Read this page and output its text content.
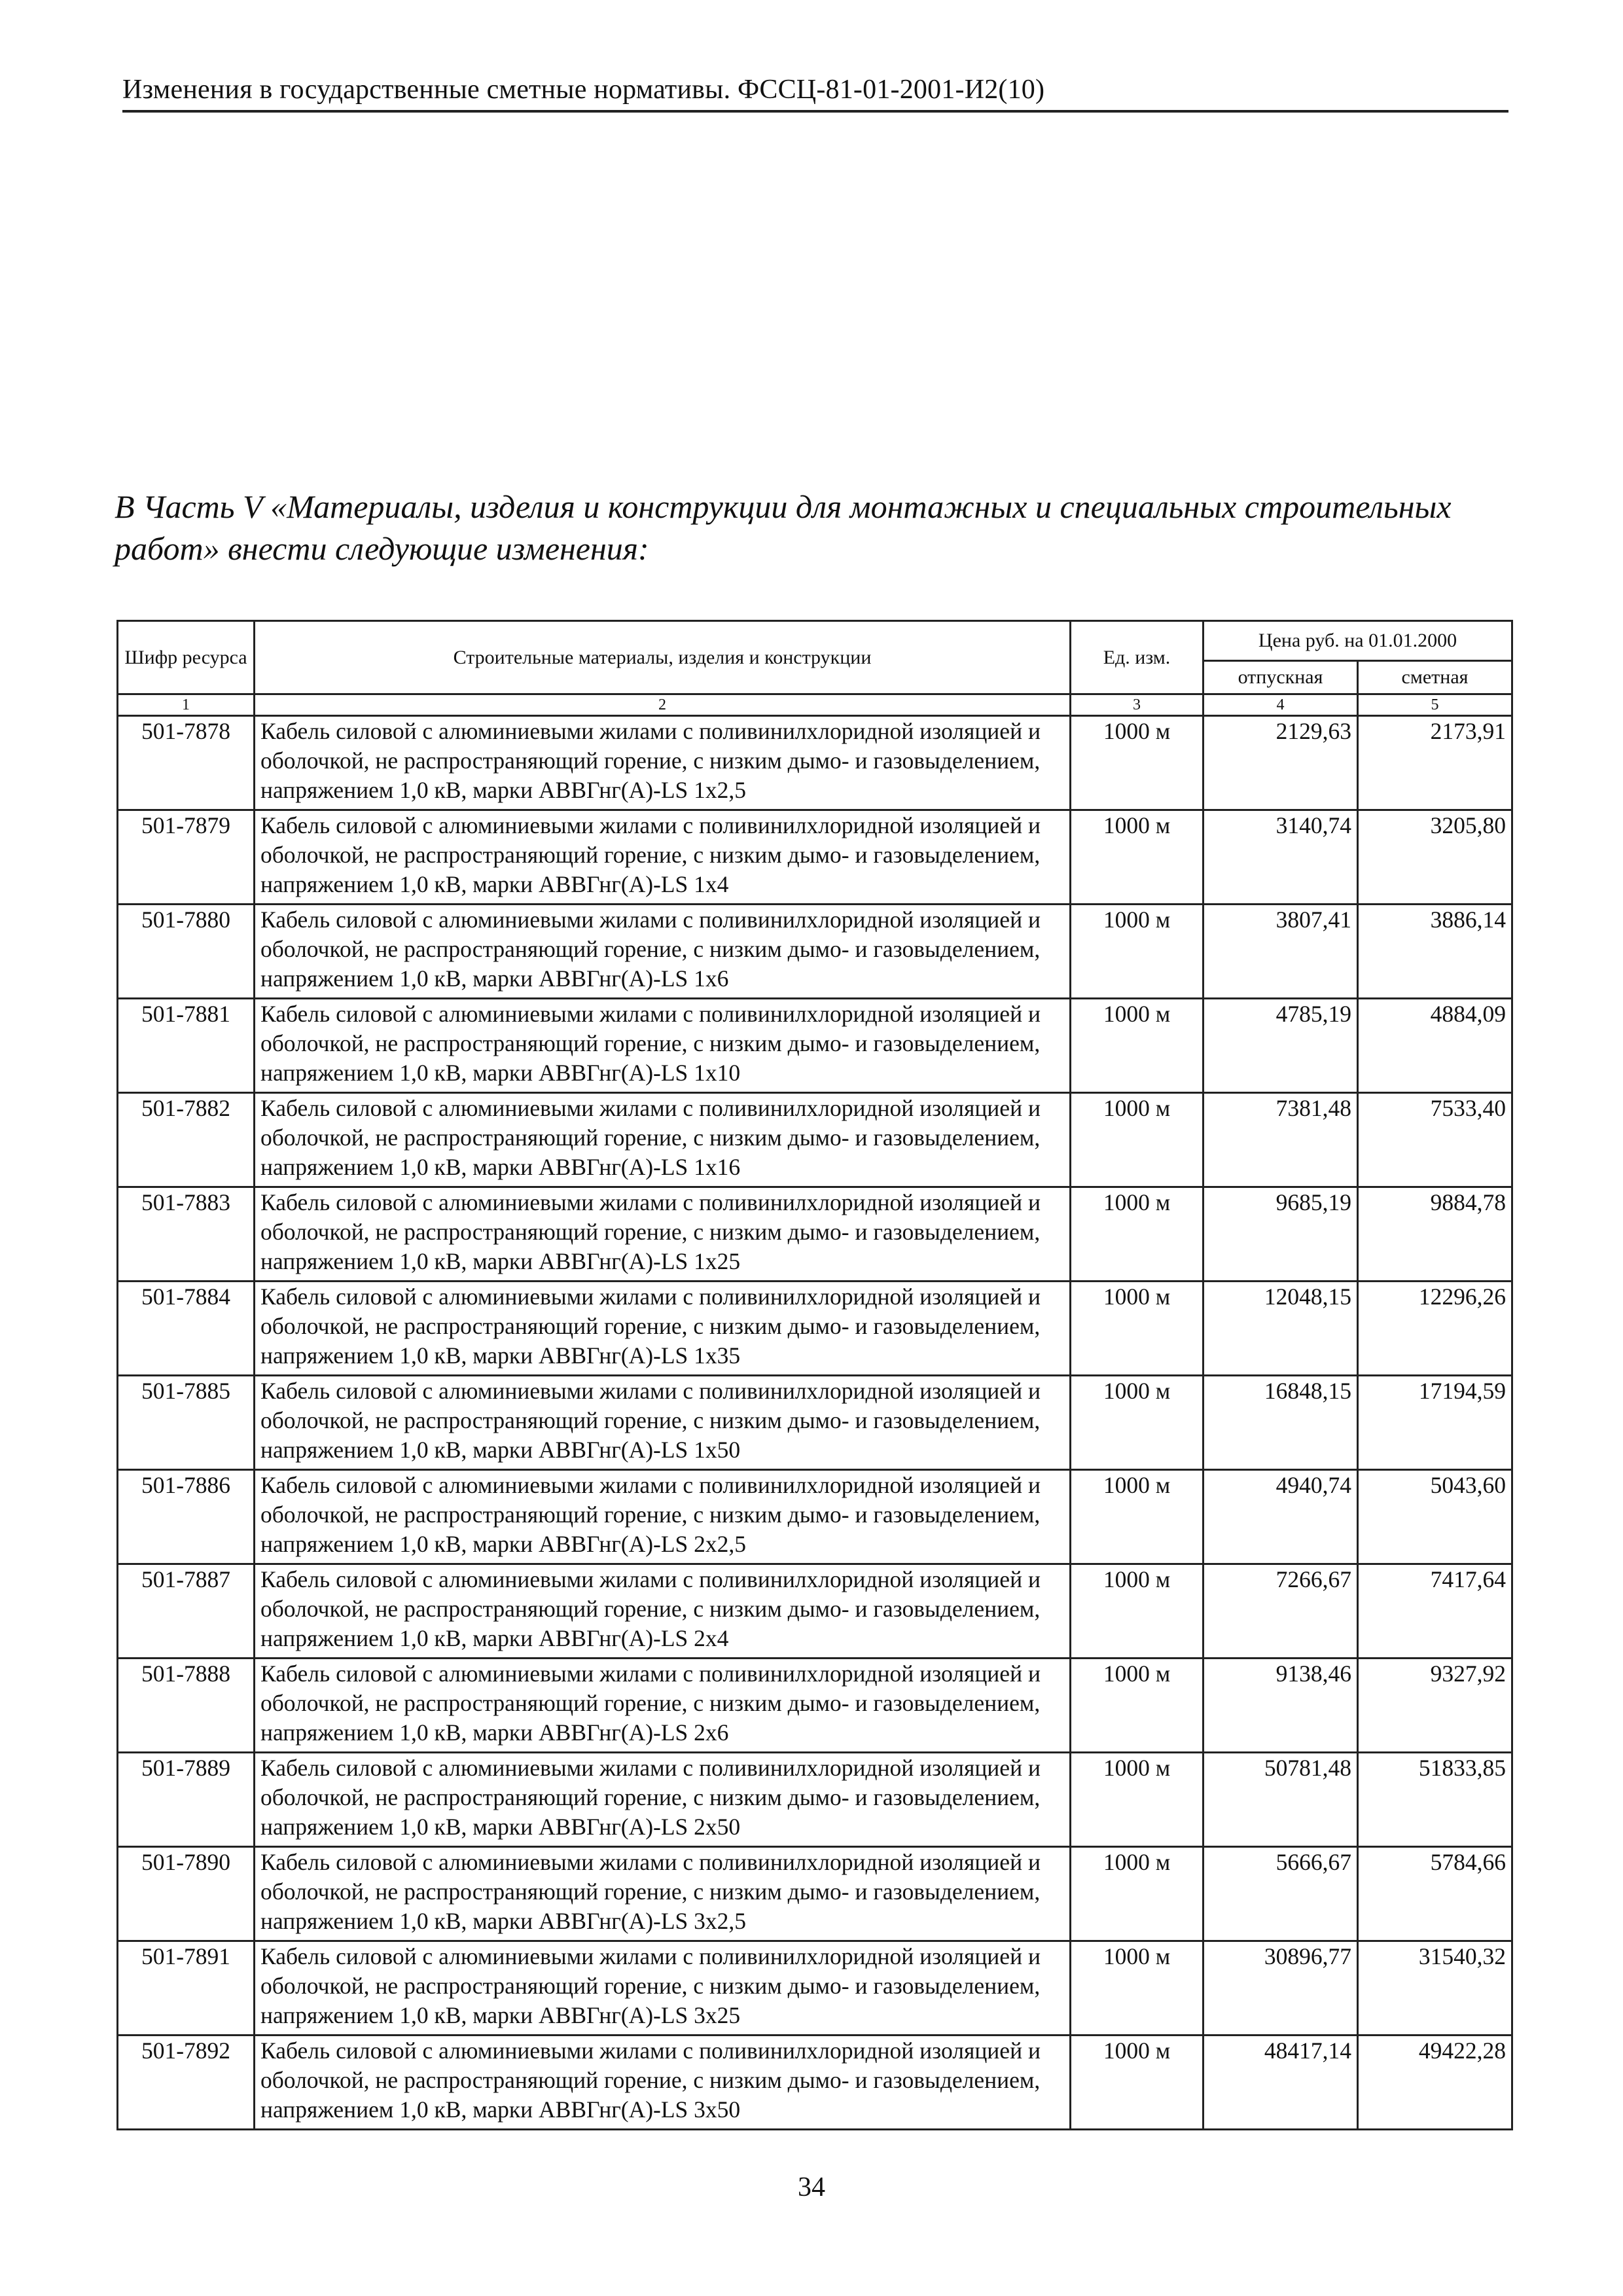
Изменения в государственные сметные нормативы. ФССЦ-81-01-2001-И2(10)
В Часть V «Материалы, изделия и конструкции для монтажных и специальных строительных работ» внести следующие изменения:
Шифр ресурса	Строительные материалы, изделия и конструкции	Ед. изм.	Цена руб. на 01.01.2000	
			отпускная	сметная
1	2	3	4	5
501-7878	Кабель силовой с алюминиевыми жилами с поливинилхлоридной изоляцией и оболочкой, не распространяющий горение, с низким дымо- и газовыделением, напряжением 1,0 кВ, марки АВВГнг(А)-LS 1х2,5	1000 м	2129,63	2173,91
501-7879	Кабель силовой с алюминиевыми жилами с поливинилхлоридной изоляцией и оболочкой, не распространяющий горение, с низким дымо- и газовыделением, напряжением 1,0 кВ, марки АВВГнг(А)-LS 1х4	1000 м	3140,74	3205,80
501-7880	Кабель силовой с алюминиевыми жилами с поливинилхлоридной изоляцией и оболочкой, не распространяющий горение, с низким дымо- и газовыделением, напряжением 1,0 кВ, марки АВВГнг(А)-LS 1х6	1000 м	3807,41	3886,14
501-7881	Кабель силовой с алюминиевыми жилами с поливинилхлоридной изоляцией и оболочкой, не распространяющий горение, с низким дымо- и газовыделением, напряжением 1,0 кВ, марки АВВГнг(А)-LS 1х10	1000 м	4785,19	4884,09
501-7882	Кабель силовой с алюминиевыми жилами с поливинилхлоридной изоляцией и оболочкой, не распространяющий горение, с низким дымо- и газовыделением, напряжением 1,0 кВ, марки АВВГнг(А)-LS 1х16	1000 м	7381,48	7533,40
501-7883	Кабель силовой с алюминиевыми жилами с поливинилхлоридной изоляцией и оболочкой, не распространяющий горение, с низким дымо- и газовыделением, напряжением 1,0 кВ, марки АВВГнг(А)-LS 1х25	1000 м	9685,19	9884,78
501-7884	Кабель силовой с алюминиевыми жилами с поливинилхлоридной изоляцией и оболочкой, не распространяющий горение, с низким дымо- и газовыделением, напряжением 1,0 кВ, марки АВВГнг(А)-LS 1х35	1000 м	12048,15	12296,26
501-7885	Кабель силовой с алюминиевыми жилами с поливинилхлоридной изоляцией и оболочкой, не распространяющий горение, с низким дымо- и газовыделением, напряжением 1,0 кВ, марки АВВГнг(А)-LS 1х50	1000 м	16848,15	17194,59
501-7886	Кабель силовой с алюминиевыми жилами с поливинилхлоридной изоляцией и оболочкой, не распространяющий горение, с низким дымо- и газовыделением, напряжением 1,0 кВ, марки АВВГнг(А)-LS 2х2,5	1000 м	4940,74	5043,60
501-7887	Кабель силовой с алюминиевыми жилами с поливинилхлоридной изоляцией и оболочкой, не распространяющий горение, с низким дымо- и газовыделением, напряжением 1,0 кВ, марки АВВГнг(А)-LS 2х4	1000 м	7266,67	7417,64
501-7888	Кабель силовой с алюминиевыми жилами с поливинилхлоридной изоляцией и оболочкой, не распространяющий горение, с низким дымо- и газовыделением, напряжением 1,0 кВ, марки АВВГнг(А)-LS 2х6	1000 м	9138,46	9327,92
501-7889	Кабель силовой с алюминиевыми жилами с поливинилхлоридной изоляцией и оболочкой, не распространяющий горение, с низким дымо- и газовыделением, напряжением 1,0 кВ, марки АВВГнг(А)-LS 2х50	1000 м	50781,48	51833,85
501-7890	Кабель силовой с алюминиевыми жилами с поливинилхлоридной изоляцией и оболочкой, не распространяющий горение, с низким дымо- и газовыделением, напряжением 1,0 кВ, марки АВВГнг(А)-LS 3х2,5	1000 м	5666,67	5784,66
501-7891	Кабель силовой с алюминиевыми жилами с поливинилхлоридной изоляцией и оболочкой, не распространяющий горение, с низким дымо- и газовыделением, напряжением 1,0 кВ, марки АВВГнг(А)-LS 3х25	1000 м	30896,77	31540,32
501-7892	Кабель силовой с алюминиевыми жилами с поливинилхлоридной изоляцией и оболочкой, не распространяющий горение, с низким дымо- и газовыделением, напряжением 1,0 кВ, марки АВВГнг(А)-LS 3х50	1000 м	48417,14	49422,28
34
